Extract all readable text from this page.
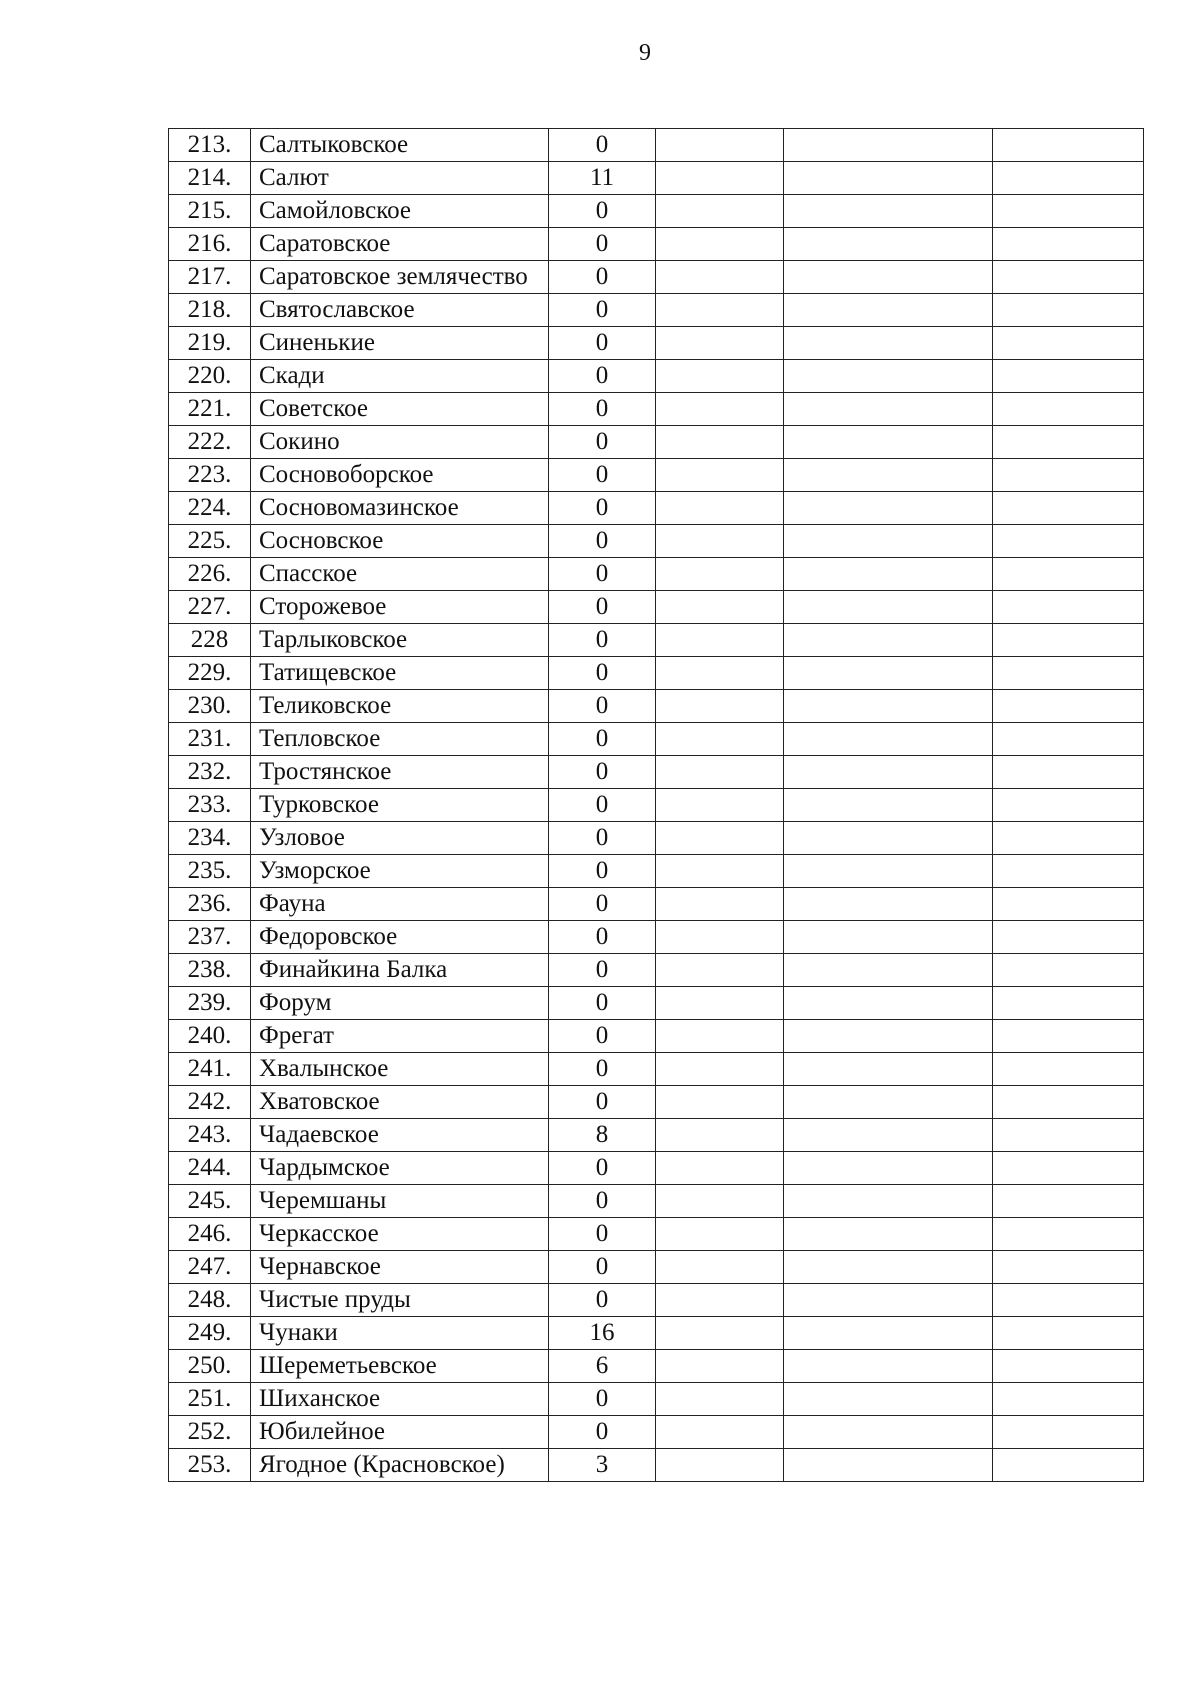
9
213.	Салтыковское	0			
214.	Салют	11			
215.	Самойловское	0			
216.	Саратовское	0			
217.	Саратовское землячество	0			
218.	Святославское	0			
219.	Синенькие	0			
220.	Скади	0			
221.	Советское	0			
222.	Сокино	0			
223.	Сосновоборское	0			
224.	Сосновомазинское	0			
225.	Сосновское	0			
226.	Спасское	0			
227.	Сторожевое	0			
228	Тарлыковское	0			
229.	Татищевское	0			
230.	Теликовское	0			
231.	Тепловское	0			
232.	Тростянское	0			
233.	Турковское	0			
234.	Узловое	0			
235.	Узморское	0			
236.	Фауна	0			
237.	Федоровское	0			
238.	Финайкина Балка	0			
239.	Форум	0			
240.	Фрегат	0			
241.	Хвалынское	0			
242.	Хватовское	0			
243.	Чадаевское	8			
244.	Чардымское	0			
245.	Черемшаны	0			
246.	Черкасское	0			
247.	Чернавское	0			
248.	Чистые пруды	0			
249.	Чунаки	16			
250.	Шереметьевское	6			
251.	Шиханское	0			
252.	Юбилейное	0			
253.	Ягодное (Красновское)	3			
